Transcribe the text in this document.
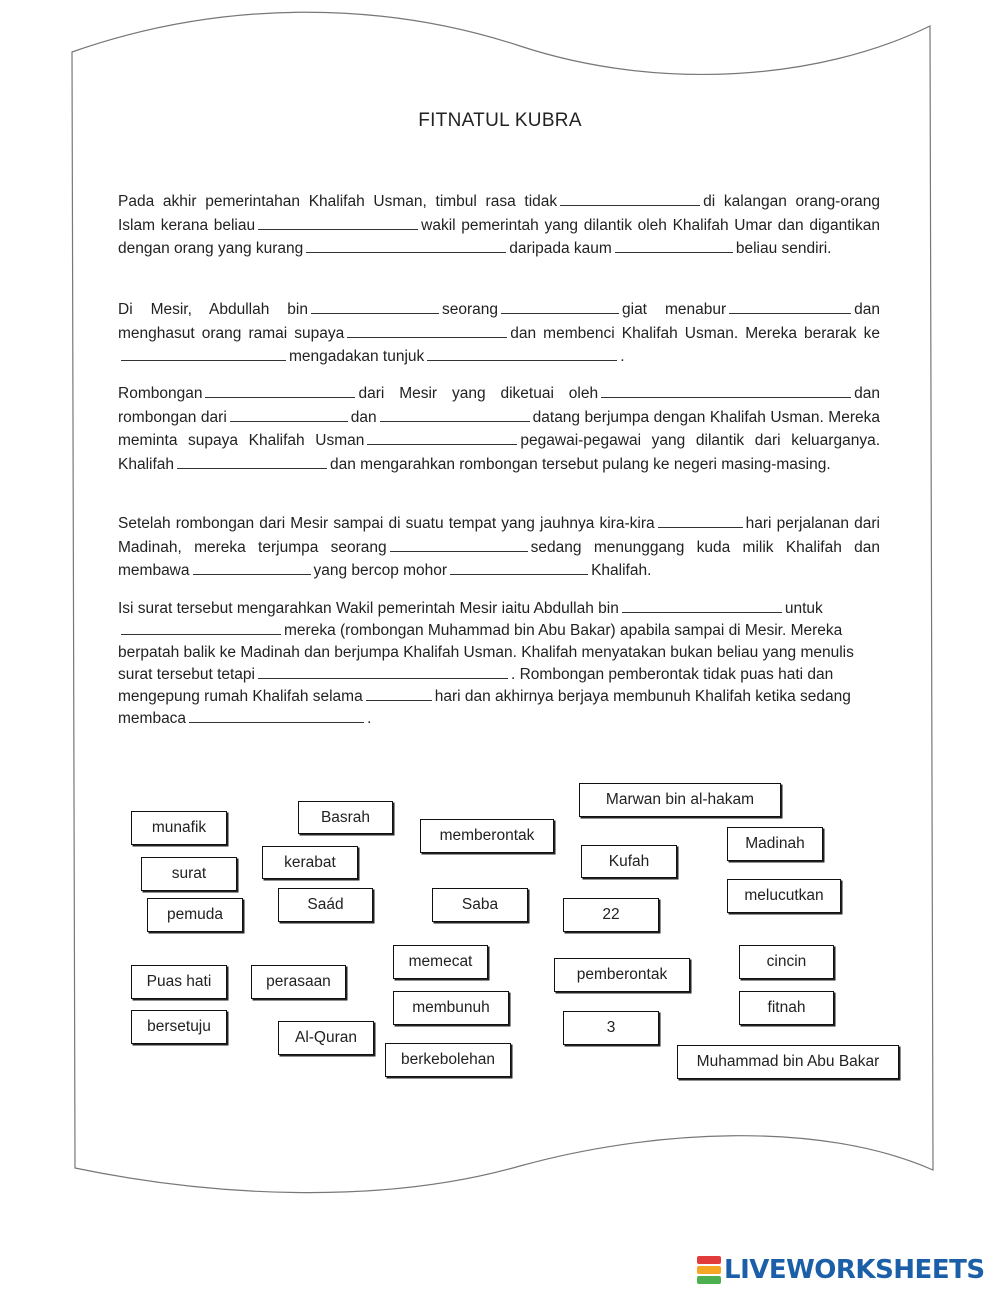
FITNATUL KUBRA

Pada akhir pemerintahan Khalifah Usman, timbul rasa tidak	di kalangan orang-orang Islam kerana beliau	wakil pemerintah yang dilantik oleh Khalifah Umar dan digantikan dengan orang yang kurang	daripada kaum	beliau sendiri.

Di Mesir, Abdullah bin	seorang	giat menabur	dan menghasut orang ramai supaya	dan membenci Khalifah Usman. Mereka berarak kemengadakan tunjuk	.

Rombongan	dari Mesir yang diketuai oleh	dan rombongan dari	dan	datang berjumpa dengan Khalifah Usman. Mereka meminta supaya Khalifah Usman	pegawai-pegawai yang dilantik dari keluarganya. Khalifah	dan mengarahkan rombongan tersebut pulang ke negeri masing-masing.

Setelah rombongan dari Mesir sampai di suatu tempat yang jauhnya kira-kira	hari perjalanan dari Madinah, mereka terjumpa seorang	sedang menunggang kuda milik Khalifah dan membawa	yang bercop mohor	Khalifah.

Isi surat tersebut mengarahkan Wakil pemerintah Mesir iaitu Abdullah bin	untukmereka (rombongan Muhammad bin Abu Bakar) apabila sampai di Mesir. Mereka berpatah balik ke Madinah dan berjumpa Khalifah Usman. Khalifah menyatakan bukan beliau yang menulis surat tersebut tetapi	. Rombongan pemberontak tidak puas hati dan mengepung rumah Khalifah selama	hari dan akhirnya berjaya membunuh Khalifah ketika sedang membaca	.

munafik
Basrah
memberontak
Marwan bin al-hakam
Madinah
surat
kerabat	Kufah
pemuda
Saád	Saba
22
melucutkan
Puas hati	perasaan
memecat
pemberontak
cincin
bersetuju
Al-Quran
membunuh
3
fitnah
berkebolehan	Muhammad bin Abu Bakar
LIVEWORKSHEETS
